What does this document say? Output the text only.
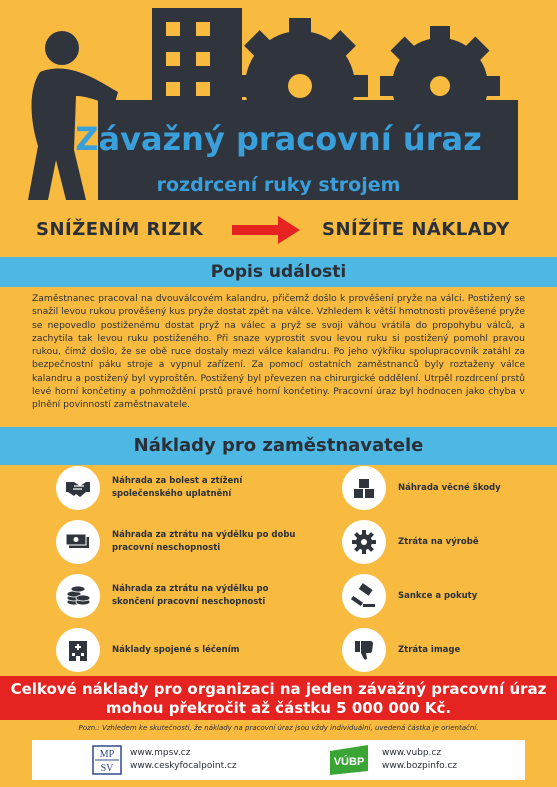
Závažný pracovní úraz
rozdrcení ruky strojem
SNÍŽENÍM RIZIK	SNÍŽÍTE NÁKLADY
Popis události

Zaměstnanec pracoval na dvouválcovém kalandru, přičemž došlo k prověšení pryže na válci. Postižený se snažil levou rukou prověšený kus pryže dostat zpět na válce. Vzhledem k větší hmotnosti prověšené pryže se nepovedlo postiženému dostat pryž na válec a pryž se svoji váhou vrátila do propohybu válců, a zachytila tak levou ruku postiženého. Při snaze vyprostit svou levou ruku si postižený pomohl pravou rukou, čímž došlo, že se obě ruce dostaly mezi válce kalandru. Po jeho výkřiku spolupracovník zatáhl za bezpečnostní páku stroje a vypnul zařízení. Za pomocí ostatních zaměstnanců byly roztaženy válce kalandru a postižený byl vyproštěn. Postižený byl převezen na chirurgické oddělení. Utrpěl rozdrcení prstů levé horní končetiny a pohmoždění prstů pravé horní končetiny. Pracovní úraz byl hodnocen jako chyba v plnění povinností zaměstnavatele.

Náklady pro zaměstnavatele
Náhrada za bolest a ztížení společenského uplatnění
Náhrada za ztrátu na výdělku po dobu pracovní neschopnosti
Náhrada za ztrátu na výdělku po skončení pracovní neschopnosti
Náklady spojené s léčením
Náhrada věcné škody
Ztráta na výrobě
Sankce a pokuty
Ztráta image
Celkové náklady pro organizaci na jeden závažný pracovní úraz
mohou překročit až částku 5 000 000 Kč.
Pozn.: Vzhledem ke skutečnosti, že náklady na pracovní úraz jsou vždy individuální, uvedená částka je orientační.
MP
SV
www.mpsv.cz
www.ceskyfocalpoint.cz	VÚBP
www.vubp.cz
www.bozpinfo.cz
